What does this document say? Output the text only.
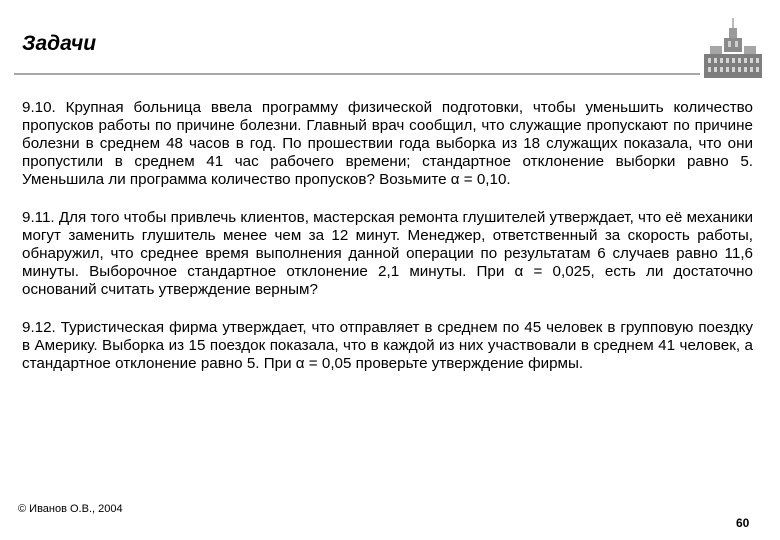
Задачи

9.10. Крупная больница ввела программу физической подготовки, чтобы уменьшить количество пропусков работы по причине болезни. Главный врач сообщил, что служащие пропускают по причине болезни в среднем 48 часов в год. По прошествии года выборка из 18 служащих показала, что они пропустили в среднем 41 час рабочего времени; стандартное отклонение выборки равно 5. Уменьшила ли программа количество пропусков? Возьмите α = 0,10.

9.11. Для того чтобы привлечь клиентов, мастерская ремонта глушителей утверждает, что её механики могут заменить глушитель менее чем за 12 минут. Менеджер, ответственный за скорость работы, обнаружил, что среднее время выполнения данной операции по результатам 6 случаев равно 11,6 минуты. Выборочное стандартное отклонение 2,1 минуты. При α = 0,025, есть ли достаточно оснований считать утверждение верным?

9.12. Туристическая фирма утверждает, что отправляет в среднем по 45 человек в групповую поездку в Америку. Выборка из 15 поездок показала, что в каждой из них участвовали в среднем 41 человек, а стандартное отклонение равно 5. При α = 0,05 проверьте утверждение фирмы.

© Иванов О.В., 2004
60
